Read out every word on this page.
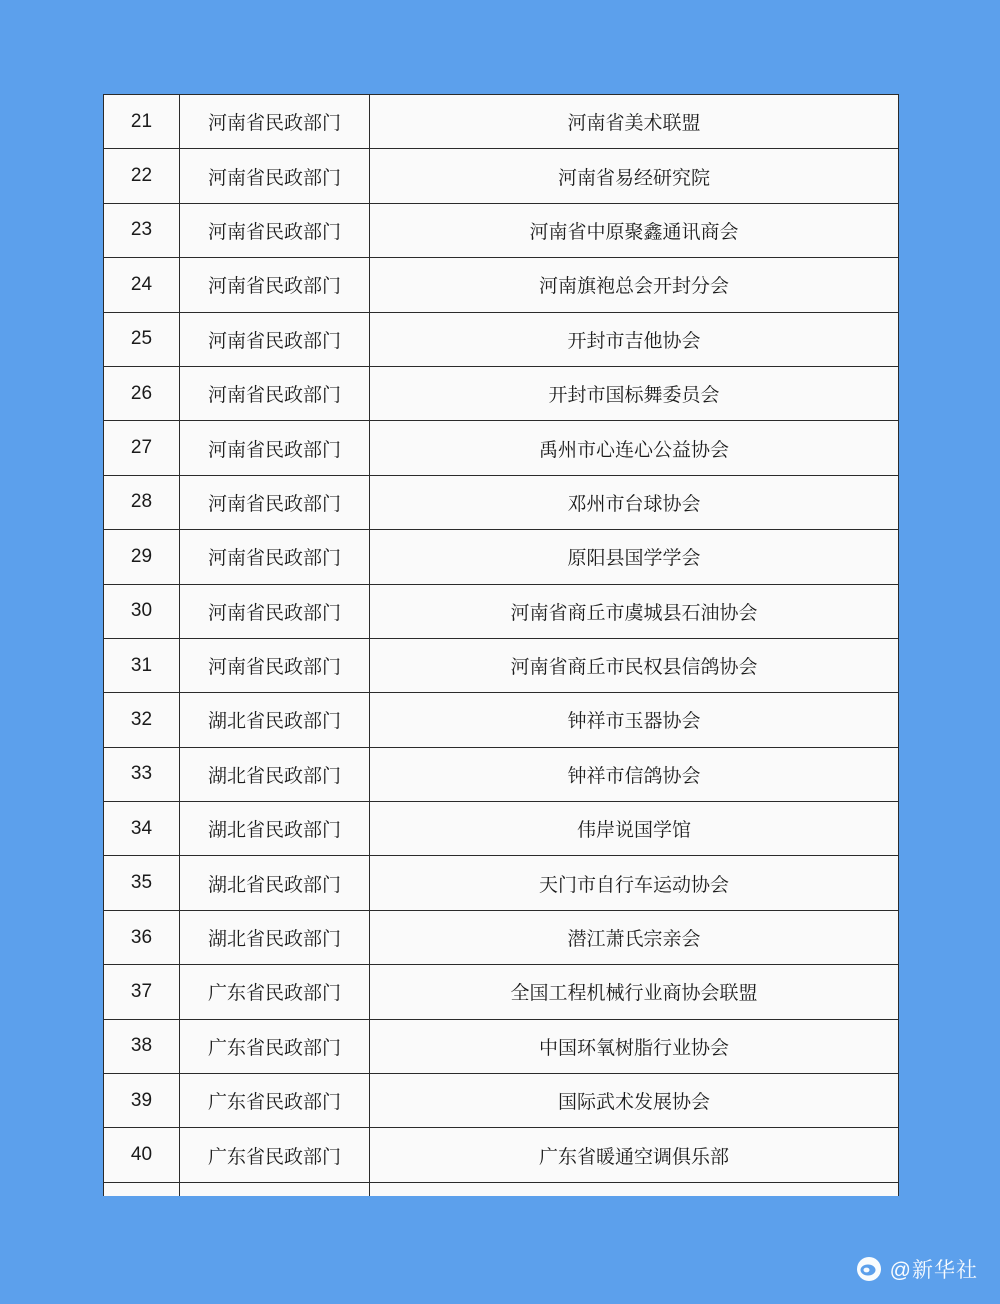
21	河南省民政部门	河南省美术联盟
22	河南省民政部门	河南省易经研究院
23	河南省民政部门	河南省中原聚鑫通讯商会
24	河南省民政部门	河南旗袍总会开封分会
25	河南省民政部门	开封市吉他协会
26	河南省民政部门	开封市国标舞委员会
27	河南省民政部门	禹州市心连心公益协会
28	河南省民政部门	邓州市台球协会
29	河南省民政部门	原阳县国学学会
30	河南省民政部门	河南省商丘市虞城县石油协会
31	河南省民政部门	河南省商丘市民权县信鸽协会
32	湖北省民政部门	钟祥市玉器协会
33	湖北省民政部门	钟祥市信鸽协会
34	湖北省民政部门	伟岸说国学馆
35	湖北省民政部门	天门市自行车运动协会
36	湖北省民政部门	潜江萧氏宗亲会
37	广东省民政部门	全国工程机械行业商协会联盟
38	广东省民政部门	中国环氧树脂行业协会
39	广东省民政部门	国际武术发展协会
40	广东省民政部门	广东省暖通空调俱乐部

@新华社
